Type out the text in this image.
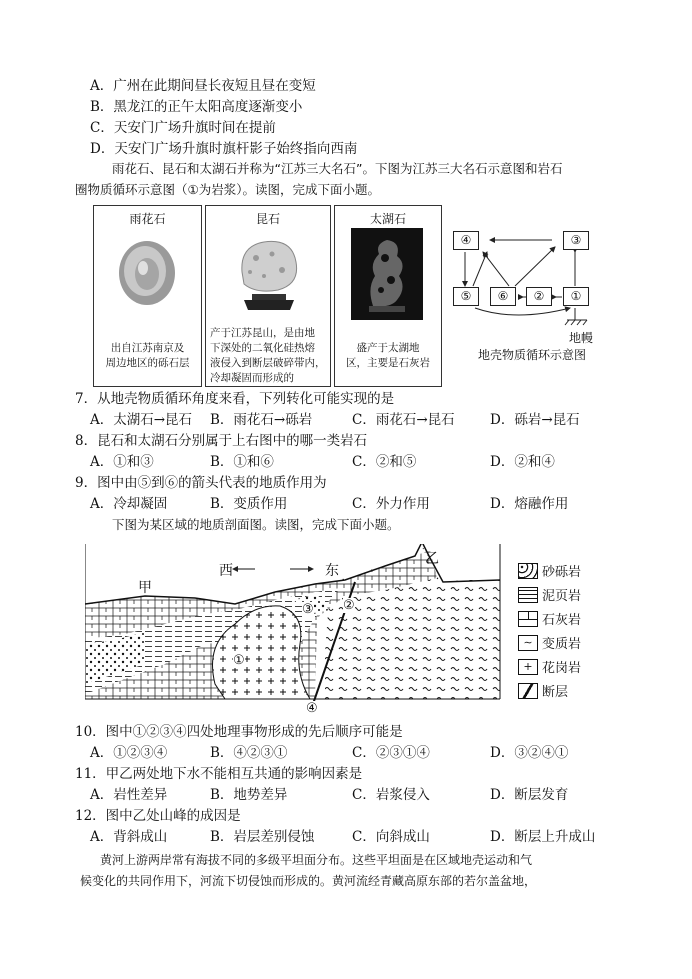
A．广州在此期间昼长夜短且昼在变短
B．黑龙江的正午太阳高度逐渐变小
C．天安门广场升旗时间在提前
D．天安门广场升旗时旗杆影子始终指向西南
雨花石、昆石和太湖石并称为“江苏三大名石”。下图为江苏三大名石示意图和岩石
圈物质循环示意图（①为岩浆）。读图，完成下面小题。
雨花石
出自江苏南京及
周边地区的砾石层
昆石
产于江苏昆山，是由地
下深处的二氧化硅热熔
液侵入到断层破碎带内，
冷却凝固而形成的
太湖石
盛产于太湖地
区，主要是石灰岩
④	③
⑤	⑥	②	①
地幔
地壳物质循环示意图
7．从地壳物质循环角度来看，下列转化可能实现的是
A．太湖石→昆石 B．雨花石→砾岩	C．雨花石→昆石	D．砾岩→昆石
8．昆石和太湖石分别属于上右图中的哪一类岩石
A．①和③	B．①和⑥	C．②和⑤	D．②和④
9．图中由⑤到⑥的箭头代表的地质作用为
A．冷却凝固	B．变质作用	C．外力作用	D．熔融作用
下图为某区域的地质剖面图。读图，完成下面小题。
西	东
甲
乙
①
②
③
④
砂砾岩
泥页岩
石灰岩
∼ 变质岩
+ 花岗岩
断层
10．图中①②③④四处地理事物形成的先后顺序可能是
A．①②③④	B．④②③①	C．②③①④	D．③②④①
11．甲乙两处地下水不能相互共通的影响因素是
A．岩性差异	B．地势差异	C．岩浆侵入	D．断层发育
12．图中乙处山峰的成因是
A．背斜成山	B．岩层差别侵蚀	C．向斜成山	D．断层上升成山
黄河上游两岸常有海拔不同的多级平坦面分布。这些平坦面是在区域地壳运动和气
候变化的共同作用下，河流下切侵蚀而形成的。黄河流经青藏高原东部的若尔盖盆地，
